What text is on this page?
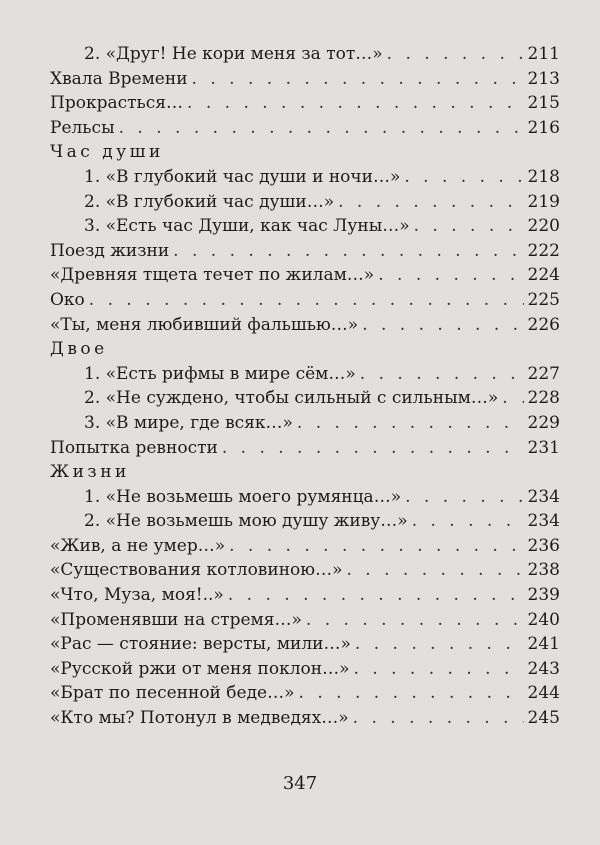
2. «Друг! Не кори меня за тот…» . . .	211
Хвала Времени . . .	213
Прокрасться… . . .	215
Рельсы . . .	216
Час души
1. «В глубокий час души и ночи…» . . .	218
2. «В глубокий час души…» . . .	219
3. «Есть час Души, как час Луны…» . . .	220
Поезд жизни . . .	222
«Древняя тщета течет по жилам…» . . .	224
Око . . .	225
«Ты, меня любивший фальшью…» . . .	226
Двое
1. «Есть рифмы в мире сём…» . . .	227
2. «Не суждено, чтобы сильный с сильным…» . . . 228
3. «В мире, где всяк…» . . .	229
Попытка ревности . . .	231
Жизни
1. «Не возьмешь моего румянца…» . . .	234
2. «Не возьмешь мою душу живу…» . . .	234
«Жив, а не умер…» . . .	236
«Существования котловиною…» . . .	238
«Что, Муза, моя!..» . . .	239
«Променявши на стремя…» . . .	240
«Рас — стояние: версты, мили…» . . .	241
«Русской ржи от меня поклон…» . . .	243
«Брат по песенной беде…» . . .	244
«Кто мы? Потонул в медведях…» . . .	245
347
